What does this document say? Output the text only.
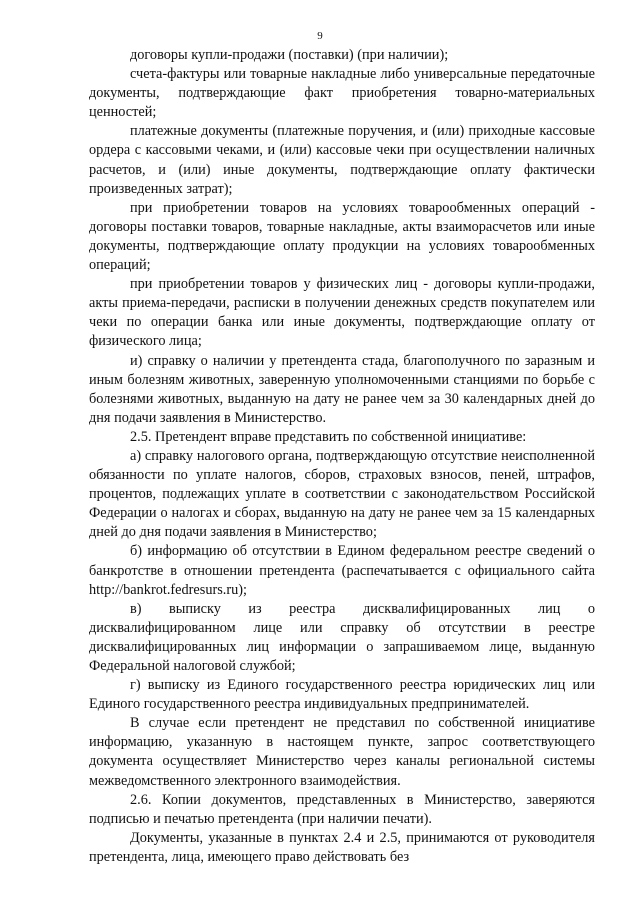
9

договоры купли-продажи (поставки) (при наличии);

счета-фактуры или товарные накладные либо универсальные передаточные документы, подтверждающие факт приобретения товарно-материальных ценностей;

платежные документы (платежные поручения, и (или) приходные кассовые ордера с кассовыми чеками, и (или) кассовые чеки при осуществлении наличных расчетов, и (или) иные документы, подтверждающие оплату фактически произведенных затрат);

при приобретении товаров на условиях товарообменных операций - договоры поставки товаров, товарные накладные, акты взаиморасчетов или иные документы, подтверждающие оплату продукции на условиях товарообменных операций;

при приобретении товаров у физических лиц - договоры купли-продажи, акты приема-передачи, расписки в получении денежных средств покупателем или чеки по операции банка или иные документы, подтверждающие оплату от физического лица;

и) справку о наличии у претендента стада, благополучного по заразным и иным болезням животных, заверенную уполномоченными станциями по борьбе с болезнями животных, выданную на дату не ранее чем за 30 календарных дней до дня подачи заявления в Министерство.

2.5. Претендент вправе представить по собственной инициативе:

а) справку налогового органа, подтверждающую отсутствие неисполненной обязанности по уплате налогов, сборов, страховых взносов, пеней, штрафов, процентов, подлежащих уплате в соответствии с законодательством Российской Федерации о налогах и сборах, выданную на дату не ранее чем за 15 календарных дней до дня подачи заявления в Министерство;

б) информацию об отсутствии в Едином федеральном реестре сведений о банкротстве в отношении претендента (распечатывается с официального сайта http://bankrot.fedresurs.ru);

в) выписку из реестра дисквалифицированных лиц о дисквалифицированном лице или справку об отсутствии в реестре дисквалифицированных лиц информации о запрашиваемом лице, выданную Федеральной налоговой службой;

г) выписку из Единого государственного реестра юридических лиц или Единого государственного реестра индивидуальных предпринимателей.

В случае если претендент не представил по собственной инициативе информацию, указанную в настоящем пункте, запрос соответствующего документа осуществляет Министерство через каналы региональной системы межведомственного электронного взаимодействия.

2.6. Копии документов, представленных в Министерство, заверяются подписью и печатью претендента (при наличии печати).

Документы, указанные в пунктах 2.4 и 2.5, принимаются от руководителя претендента, лица, имеющего право действовать без
